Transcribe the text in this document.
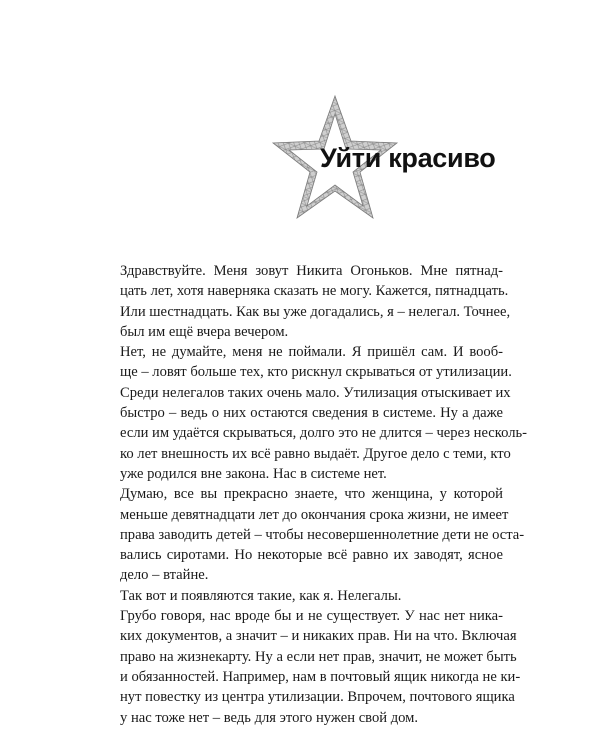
Уйти красиво

Здравствуйте. Меня зовут Никита Огоньков. Мне пятнад-
цать лет, хотя наверняка сказать не могу. Кажется, пятнадцать.
Или шестнадцать. Как вы уже догадались, я – нелегал. Точнее,
был им ещё вчера вечером.

Нет, не думайте, меня не поймали. Я пришёл сам. И вооб-
ще – ловят больше тех, кто рискнул скрываться от утилизации.
Среди нелегалов таких очень мало. Утилизация отыскивает их
быстро – ведь о них остаются сведения в системе. Ну а даже
если им удаётся скрываться, долго это не длится – через несколь-
ко лет внешность их всё равно выдаёт. Другое дело с теми, кто
уже родился вне закона. Нас в системе нет.

Думаю, все вы прекрасно знаете, что женщина, у которой
меньше девятнадцати лет до окончания срока жизни, не имеет
права заводить детей – чтобы несовершеннолетние дети не оста-
вались сиротами. Но некоторые всё равно их заводят, ясное
дело – втайне.

Так вот и появляются такие, как я. Нелегалы.

Грубо говоря, нас вроде бы и не существует. У нас нет ника-
ких документов, а значит – и никаких прав. Ни на что. Включая
право на жизнекарту. Ну а если нет прав, значит, не может быть
и обязанностей. Например, нам в почтовый ящик никогда не ки-
нут повестку из центра утилизации. Впрочем, почтового ящика
у нас тоже нет – ведь для этого нужен свой дом.
